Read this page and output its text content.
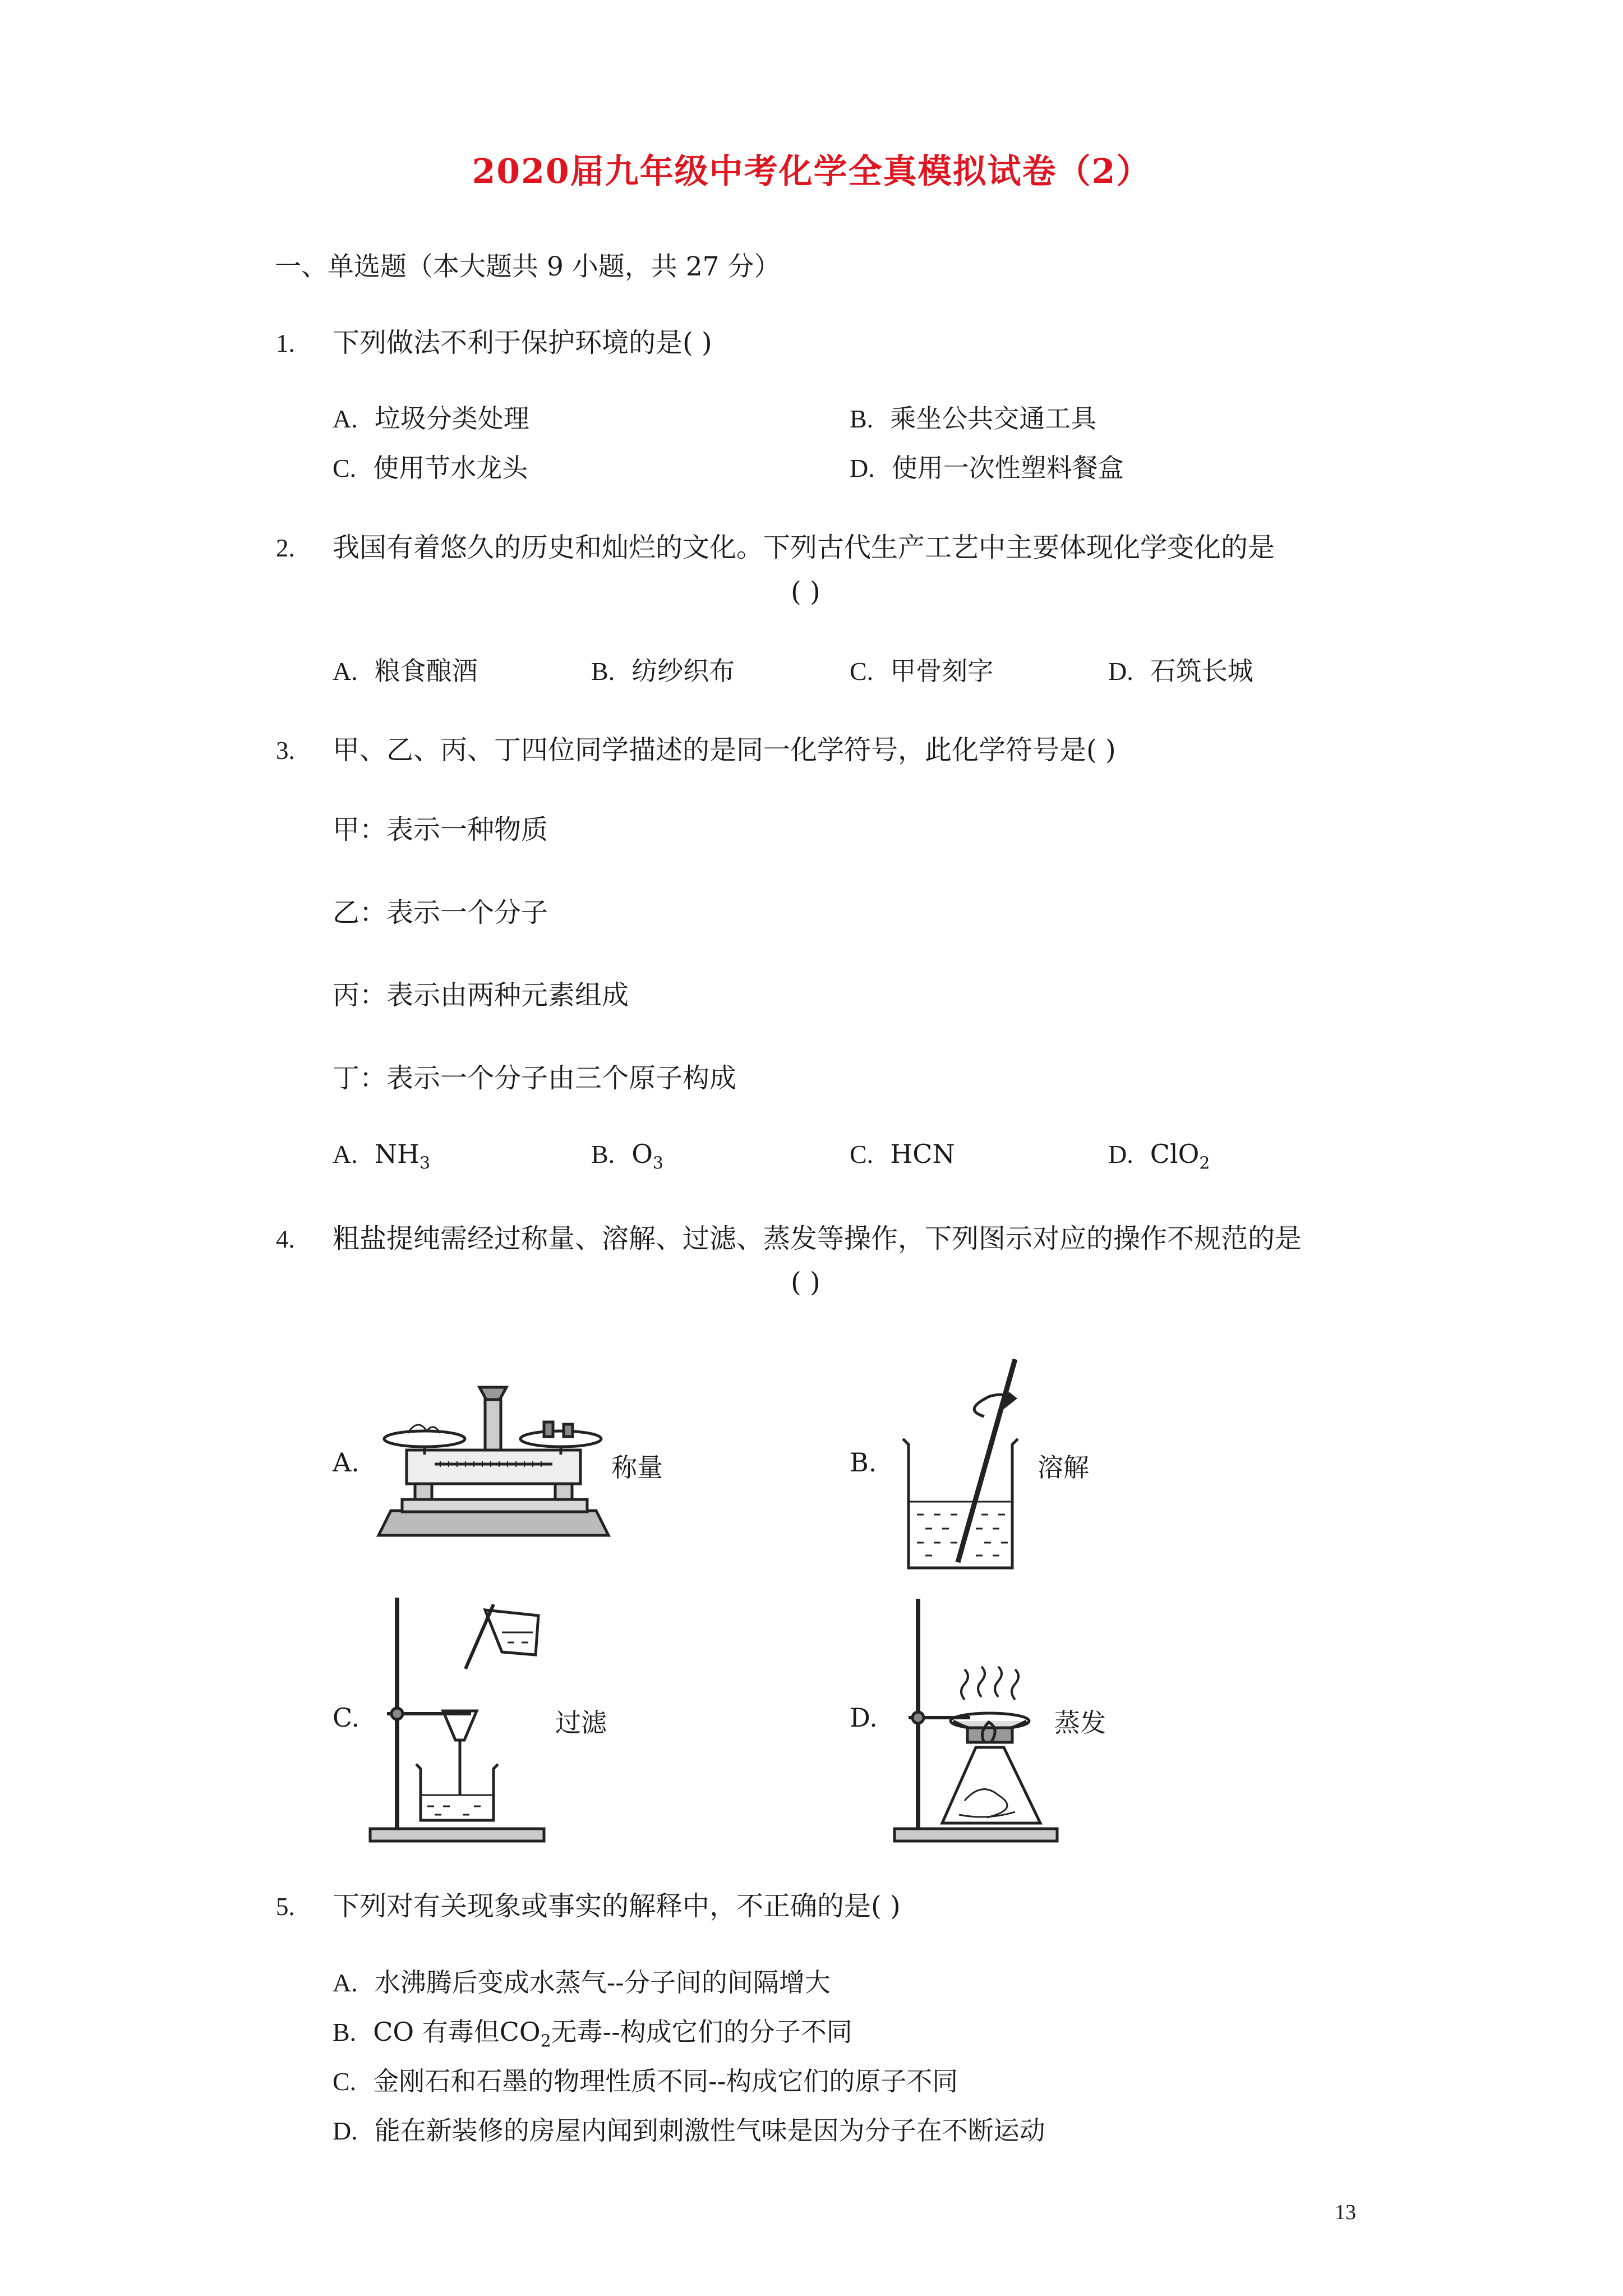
2020届九年级中考化学全真模拟试卷（2）
一、单选题（本大题共 9 小题，共 27 分）
1. 下列做法不利于保护环境的是( )
A. 垃圾分类处理	B. 乘坐公共交通工具
C. 使用节水龙头	D. 使用一次性塑料餐盒
2. 我国有着悠久的历史和灿烂的文化。下列古代生产工艺中主要体现化学变化的是
( )
A. 粮食酿酒	B. 纺纱织布	C. 甲骨刻字	D. 石筑长城
3. 甲、乙、丙、丁四位同学描述的是同一化学符号，此化学符号是( )
甲：表示一种物质
乙：表示一个分子
丙：表示由两种元素组成
丁：表示一个分子由三个原子构成
A. $NH_3$	B. $O_3$	C. HCN	D. ClO$_2$
4. 粗盐提纯需经过称量、溶解、过滤、蒸发等操作，下列图示对应的操作不规范的是
( )
A.	称量	B.	溶解
C.	过滤	D.	蒸发
5. 下列对有关现象或事实的解释中，不正确的是( )
A. 水沸腾后变成水蒸气--分子间的间隔增大
B. CO 有毒但$CO_2$无毒--构成它们的分子不同
C. 金刚石和石墨的物理性质不同--构成它们的原子不同
D. 能在新装修的房屋内闻到刺激性气味是因为分子在不断运动
13
